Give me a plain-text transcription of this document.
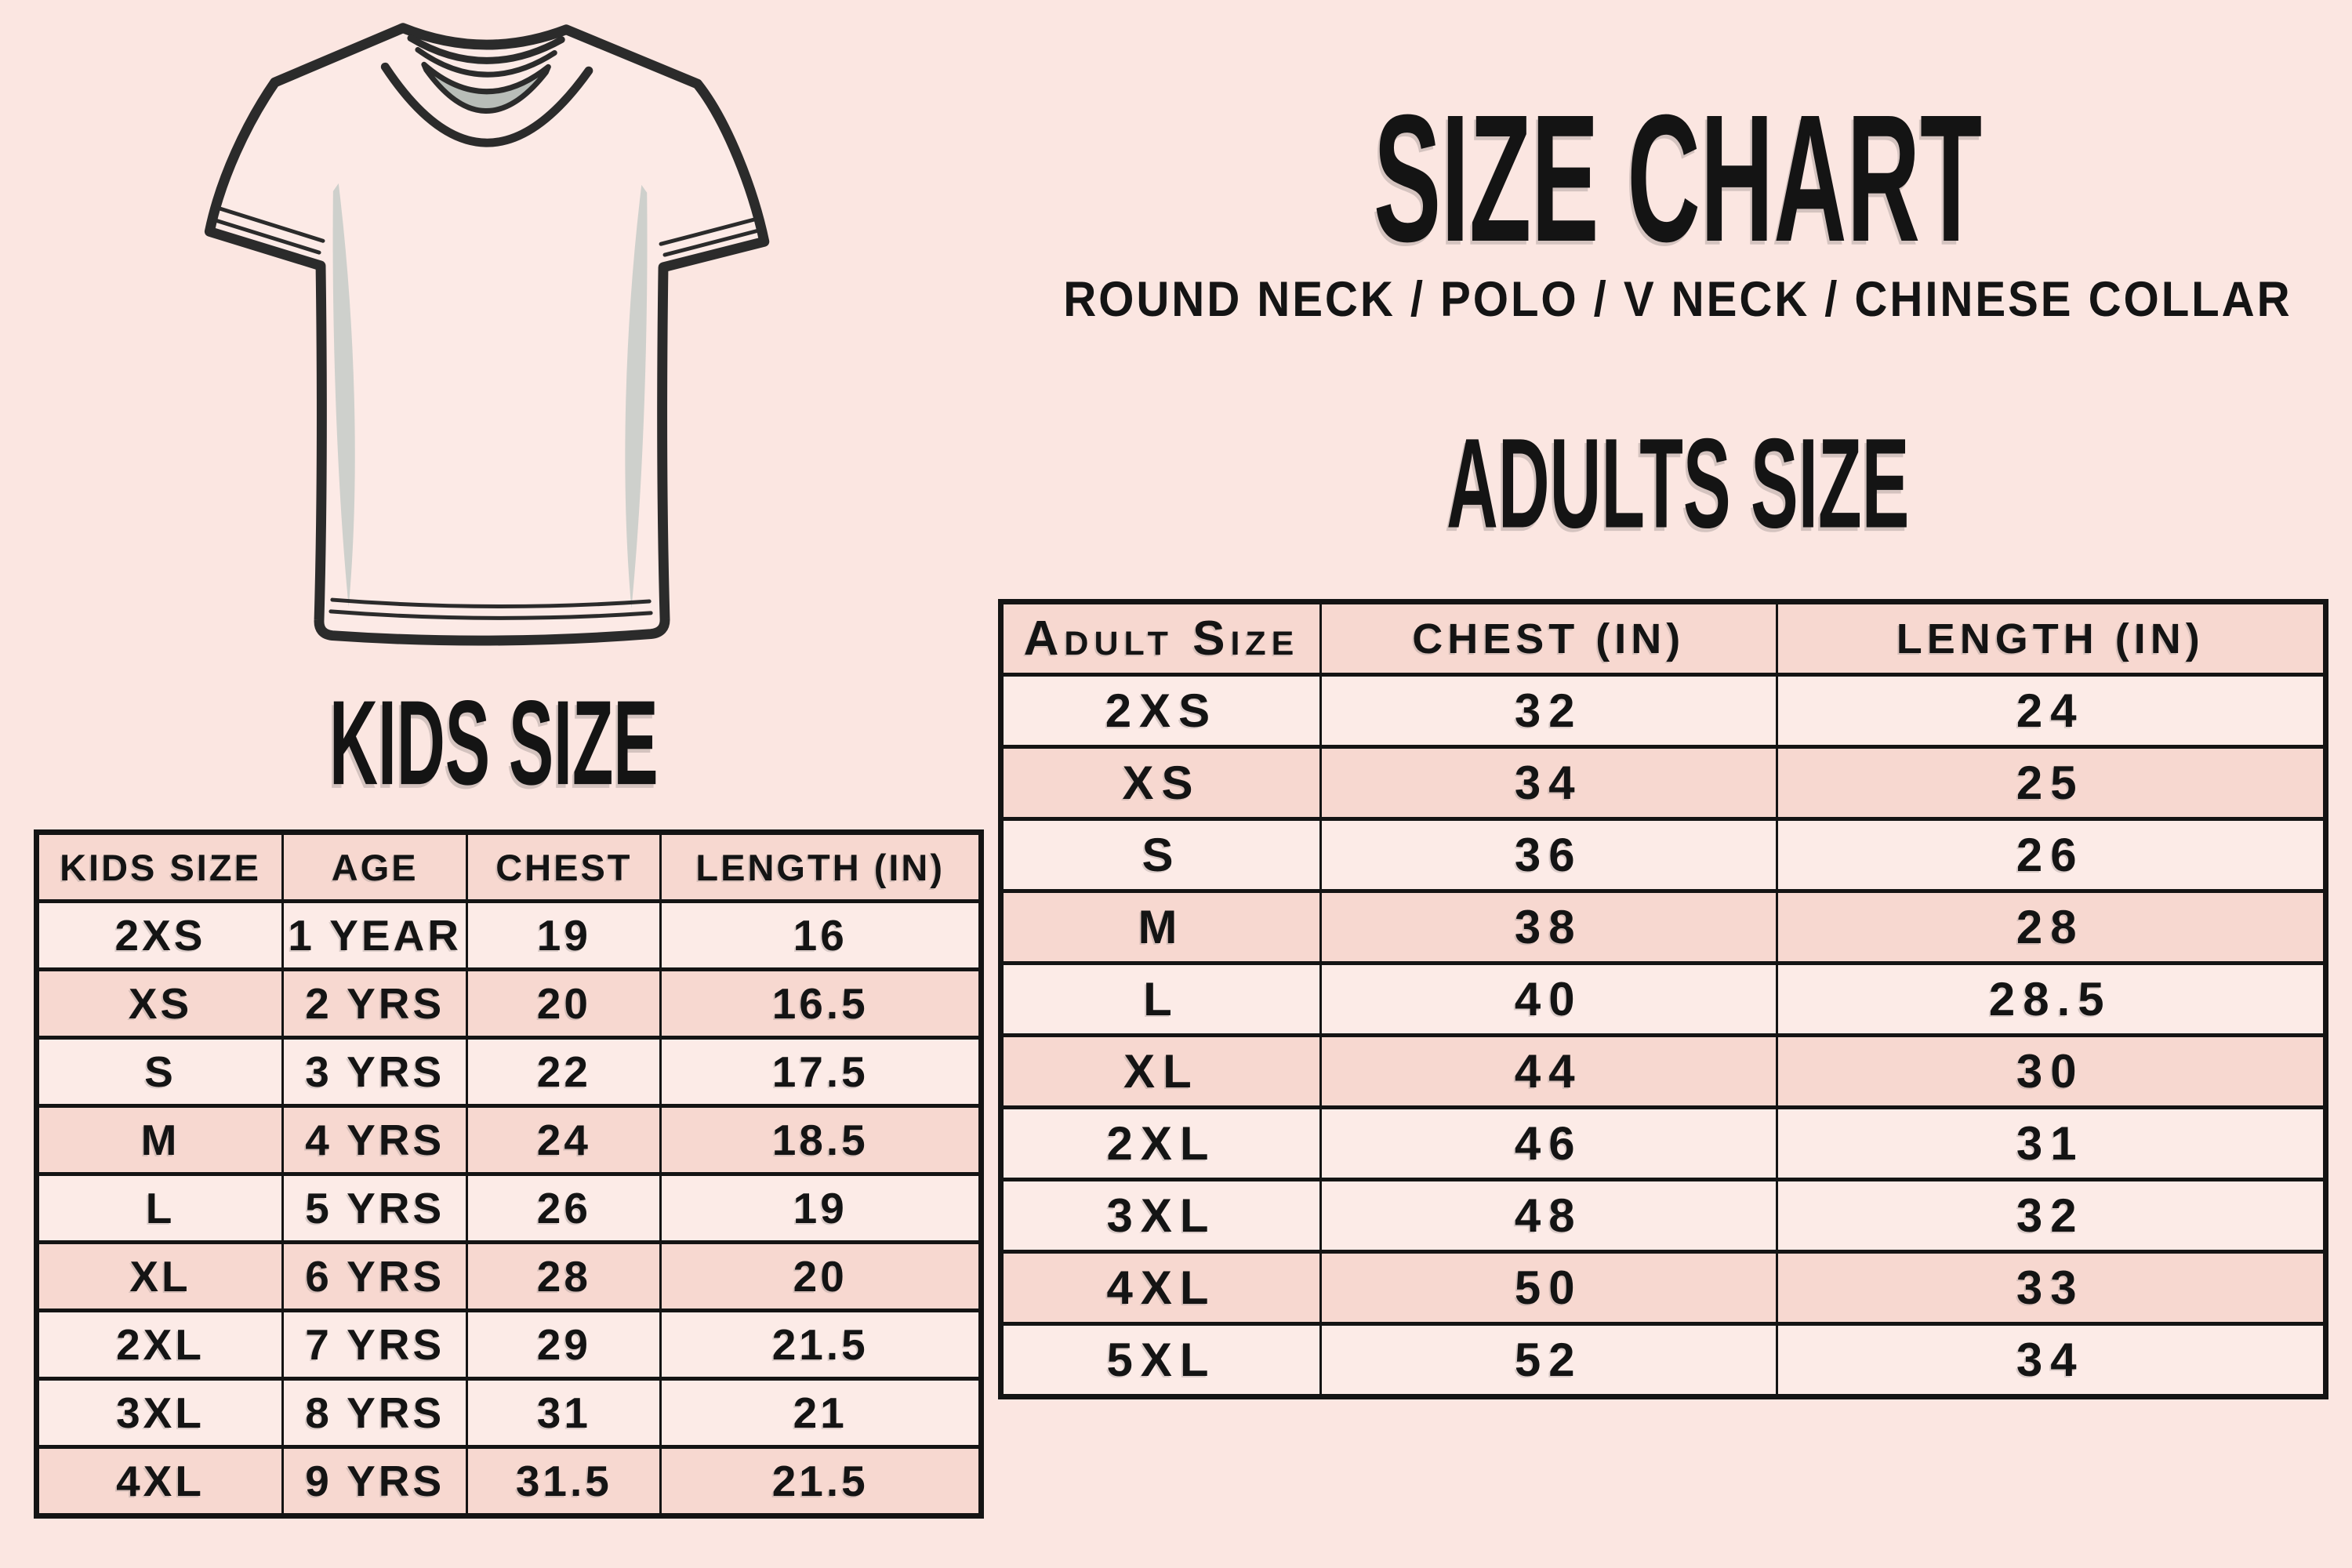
SIZE CHART
ROUND NECK / POLO / V NECK / CHINESE COLLAR
ADULTS SIZE
KIDS SIZE
KIDS SIZE	AGE	CHEST	LENGTH (IN)
2XS	1 YEAR	19	16
XS	2 YRS	20	16.5
S	3 YRS	22	17.5
M	4 YRS	24	18.5
L	5 YRS	26	19
XL	6 YRS	28	20
2XL	7 YRS	29	21.5
3XL	8 YRS	31	21
4XL	9 YRS	31.5	21.5
Adult Size	CHEST (IN)	LENGTH (IN)
2XS	32	24
XS	34	25
S	36	26
M	38	28
L	40	28.5
XL	44	30
2XL	46	31
3XL	48	32
4XL	50	33
5XL	52	34
